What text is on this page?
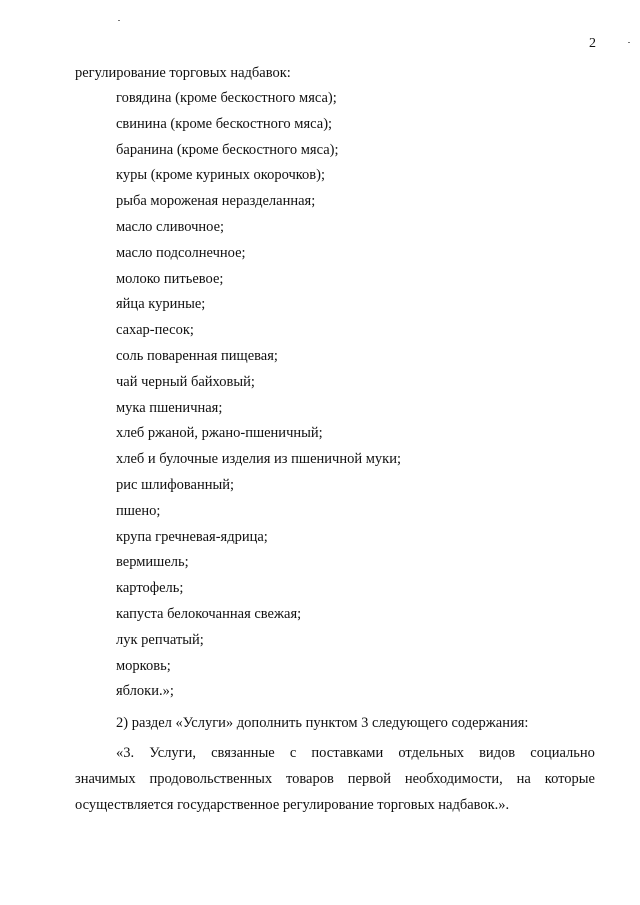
2
регулирование торговых надбавок:
говядина (кроме бескостного мяса);
свинина (кроме бескостного мяса);
баранина (кроме бескостного мяса);
куры (кроме куриных окорочков);
рыба мороженая неразделанная;
масло сливочное;
масло подсолнечное;
молоко питьевое;
яйца куриные;
сахар-песок;
соль поваренная пищевая;
чай черный байховый;
мука пшеничная;
хлеб ржаной, ржано-пшеничный;
хлеб и булочные изделия из пшеничной муки;
рис шлифованный;
пшено;
крупа гречневая-ядрица;
вермишель;
картофель;
капуста белокочанная свежая;
лук репчатый;
морковь;
яблоки.»;
2) раздел «Услуги» дополнить пунктом 3 следующего содержания:
«3. Услуги, связанные с поставками отдельных видов социально
значимых продовольственных товаров первой необходимости, на которые
осуществляется государственное регулирование торговых надбавок.».
